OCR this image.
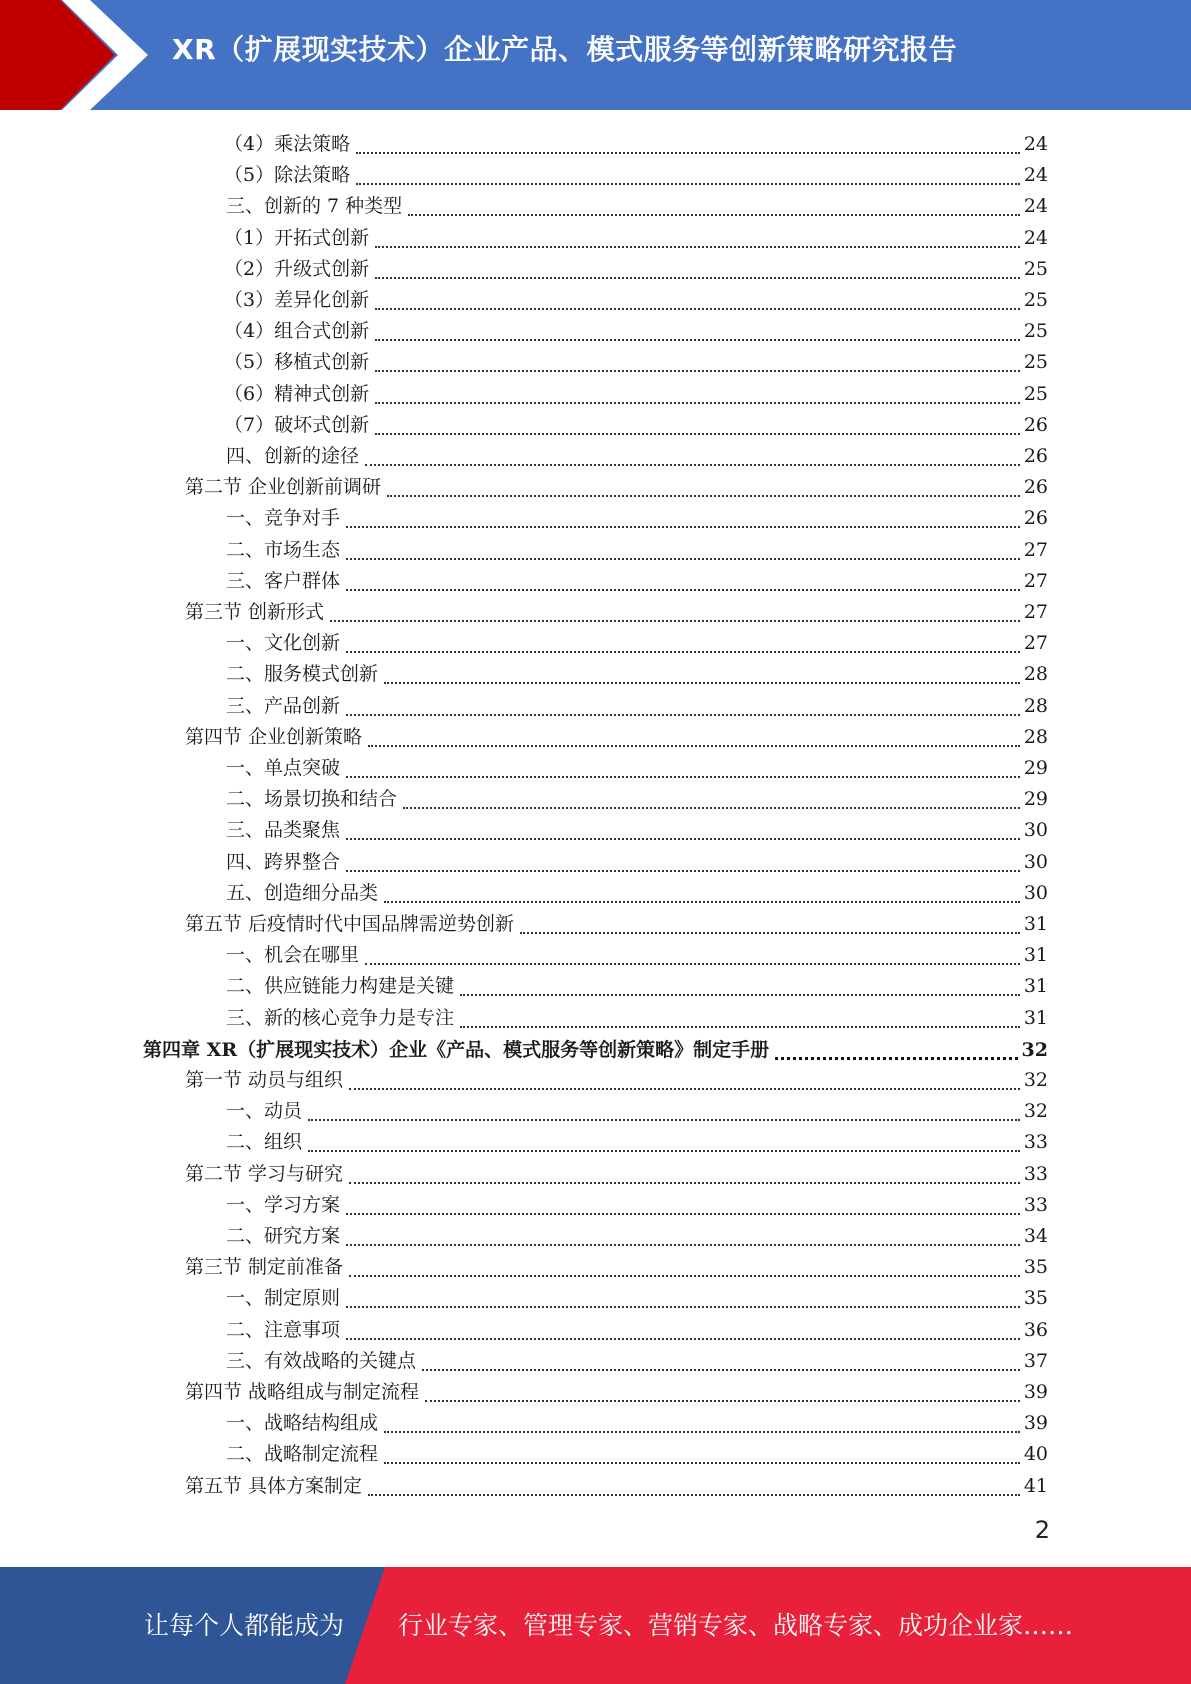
XR（扩展现实技术）企业产品、模式服务等创新策略研究报告
（4）乘法策略	24
（5）除法策略	24
三、创新的 7 种类型	24
（1）开拓式创新	24
（2）升级式创新	25
（3）差异化创新	25
（4）组合式创新	25
（5）移植式创新	25
（6）精神式创新	25
（7）破坏式创新	26
四、创新的途径	26
第二节 企业创新前调研	26
一、竞争对手	26
二、市场生态	27
三、客户群体	27
第三节 创新形式	27
一、文化创新	27
二、服务模式创新	28
三、产品创新	28
第四节 企业创新策略	28
一、单点突破	29
二、场景切换和结合	29
三、品类聚焦	30
四、跨界整合	30
五、创造细分品类	30
第五节 后疫情时代中国品牌需逆势创新	31
一、机会在哪里	31
二、供应链能力构建是关键	31
三、新的核心竞争力是专注	31
第四章 XR（扩展现实技术）企业《产品、模式服务等创新策略》制定手册	32
第一节 动员与组织	32
一、动员	32
二、组织	33
第二节 学习与研究	33
一、学习方案	33
二、研究方案	34
第三节 制定前准备	35
一、制定原则	35
二、注意事项	36
三、有效战略的关键点	37
第四节 战略组成与制定流程	39
一、战略结构组成	39
二、战略制定流程	40
第五节 具体方案制定	41
2
让每个人都能成为 行业专家、管理专家、营销专家、战略专家、成功企业家……
